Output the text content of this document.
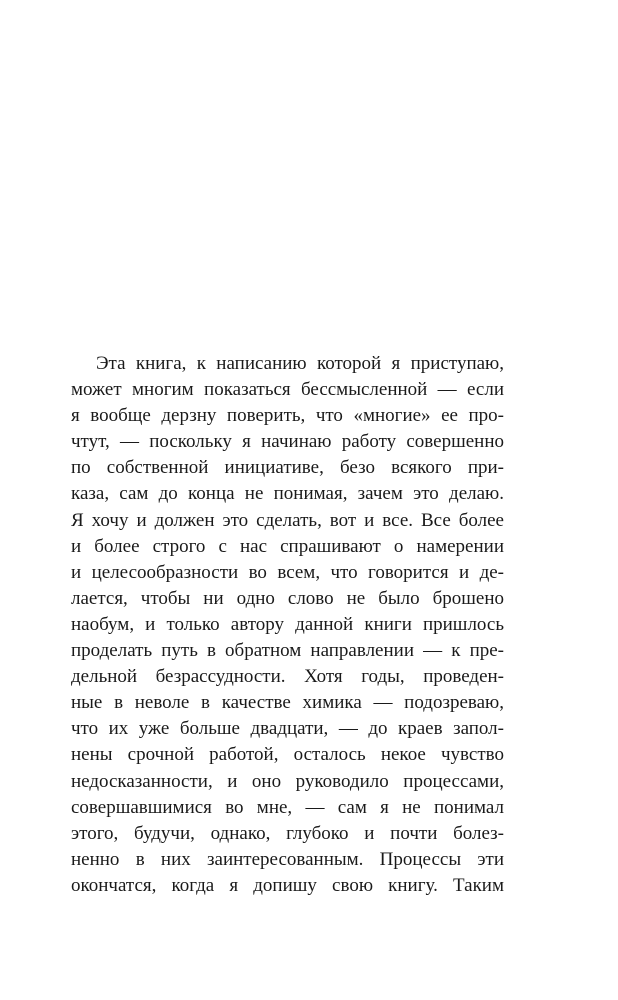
Эта книга, к написанию которой я приступаю,
может многим показаться бессмысленной — если
я вообще дерзну поверить, что «многие» ее про-
чтут, — поскольку я начинаю работу совершенно
по собственной инициативе, безо всякого при-
каза, сам до конца не понимая, зачем это делаю.
Я хочу и должен это сделать, вот и все. Все более
и более строго с нас спрашивают о намерении
и целесообразности во всем, что говорится и де-
лается, чтобы ни одно слово не было брошено
наобум, и только автору данной книги пришлось
проделать путь в обратном направлении — к пре-
дельной безрассудности. Хотя годы, проведен-
ные в неволе в качестве химика — подозреваю,
что их уже больше двадцати, — до краев запол-
нены срочной работой, осталось некое чувство
недосказанности, и оно руководило процессами,
совершавшимися во мне, — сам я не понимал
этого, будучи, однако, глубоко и почти болез-
ненно в них заинтересованным. Процессы эти
окончатся, когда я допишу свою книгу. Таким
